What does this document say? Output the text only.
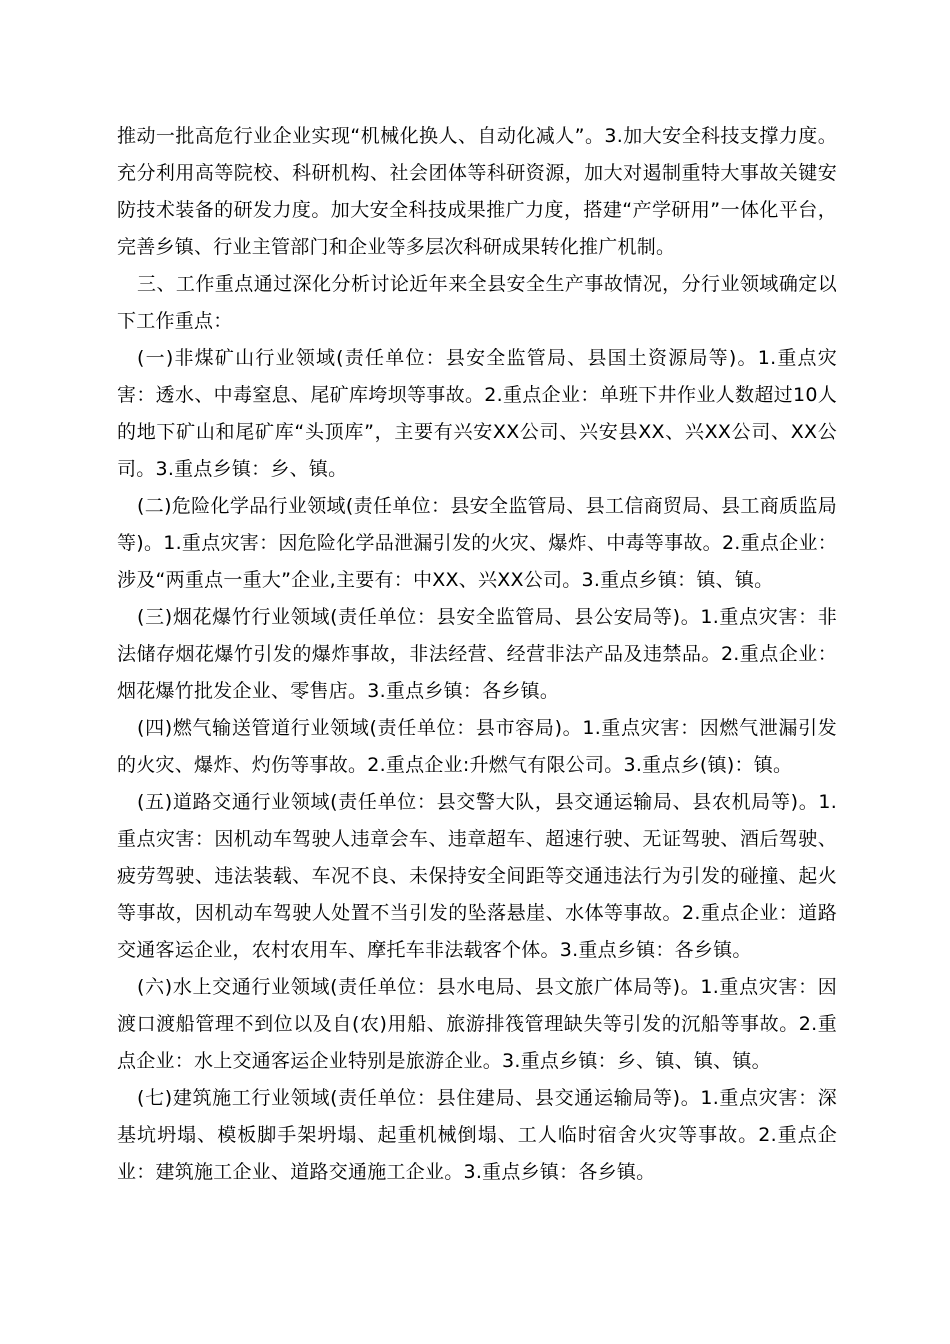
推动一批高危行业企业实现“机械化换人、自动化减人”。3.加大安全科技支撑力度。充分利用高等院校、科研机构、社会团体等科研资源，加大对遏制重特大事故关键安防技术装备的研发力度。加大安全科技成果推广力度，搭建“产学研用”一体化平台，完善乡镇、行业主管部门和企业等多层次科研成果转化推广机制。

三、工作重点通过深化分析讨论近年来全县安全生产事故情况，分行业领域确定以下工作重点：

(一)非煤矿山行业领域(责任单位：县安全监管局、县国土资源局等)。1.重点灾害：透水、中毒窒息、尾矿库垮坝等事故。2.重点企业：单班下井作业人数超过10人的地下矿山和尾矿库“头顶库”，主要有兴安XX公司、兴安县XX、兴XX公司、XX公司。3.重点乡镇：乡、镇。

(二)危险化学品行业领域(责任单位：县安全监管局、县工信商贸局、县工商质监局等)。1.重点灾害：因危险化学品泄漏引发的火灾、爆炸、中毒等事故。2.重点企业：涉及“两重点一重大”企业,主要有：中XX、兴XX公司。3.重点乡镇：镇、镇。

(三)烟花爆竹行业领域(责任单位：县安全监管局、县公安局等)。1.重点灾害：非法储存烟花爆竹引发的爆炸事故，非法经营、经营非法产品及违禁品。2.重点企业：烟花爆竹批发企业、零售店。3.重点乡镇：各乡镇。

(四)燃气输送管道行业领域(责任单位：县市容局)。1.重点灾害：因燃气泄漏引发的火灾、爆炸、灼伤等事故。2.重点企业:升燃气有限公司。3.重点乡(镇)：镇。

(五)道路交通行业领域(责任单位：县交警大队，县交通运输局、县农机局等)。1.重点灾害：因机动车驾驶人违章会车、违章超车、超速行驶、无证驾驶、酒后驾驶、疲劳驾驶、违法装载、车况不良、未保持安全间距等交通违法行为引发的碰撞、起火等事故，因机动车驾驶人处置不当引发的坠落悬崖、水体等事故。2.重点企业：道路交通客运企业，农村农用车、摩托车非法载客个体。3.重点乡镇：各乡镇。

(六)水上交通行业领域(责任单位：县水电局、县文旅广体局等)。1.重点灾害：因渡口渡船管理不到位以及自(农)用船、旅游排筏管理缺失等引发的沉船等事故。2.重点企业：水上交通客运企业特别是旅游企业。3.重点乡镇：乡、镇、镇、镇。

(七)建筑施工行业领域(责任单位：县住建局、县交通运输局等)。1.重点灾害：深基坑坍塌、模板脚手架坍塌、起重机械倒塌、工人临时宿舍火灾等事故。2.重点企业：建筑施工企业、道路交通施工企业。3.重点乡镇：各乡镇。
